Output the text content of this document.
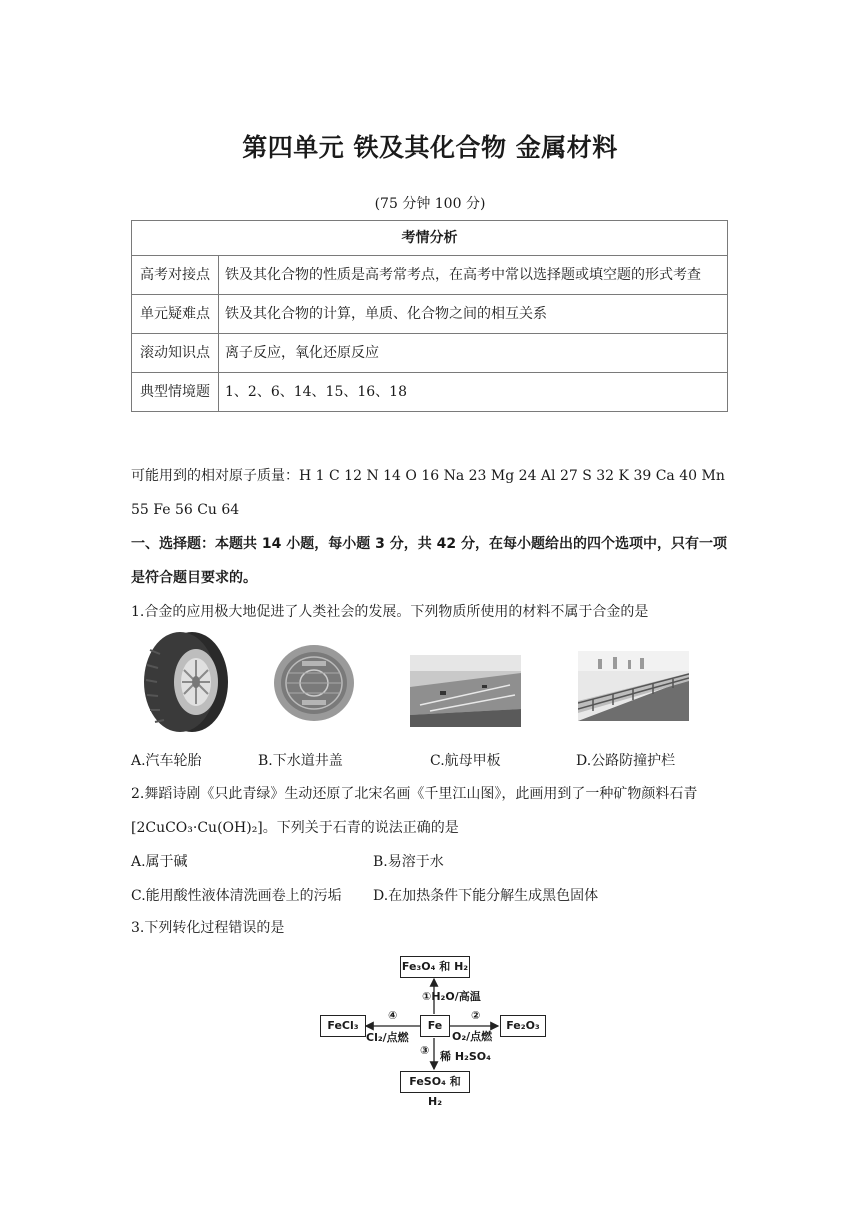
第四单元 铁及其化合物 金属材料
(75 分钟 100 分)
考情分析	
高考对接点	铁及其化合物的性质是高考常考点，在高考中常以选择题或填空题的形式考查
单元疑难点	铁及其化合物的计算，单质、化合物之间的相互关系
滚动知识点	离子反应，氧化还原反应
典型情境题	1、2、6、14、15、16、18
可能用到的相对原子质量：H 1 C 12 N 14 O 16 Na 23 Mg 24 Al 27 S 32 K 39 Ca 40 Mn 55 Fe 56 Cu 64
一、选择题：本题共 14 小题，每小题 3 分，共 42 分，在每小题给出的四个选项中，只有一项是符合题目要求的。
1.合金的应用极大地促进了人类社会的发展。下列物质所使用的材料不属于合金的是
A.汽车轮胎	B.下水道井盖	C.航母甲板	D.公路防撞护栏
2.舞蹈诗剧《只此青绿》生动还原了北宋名画《千里江山图》，此画用到了一种矿物颜料石青[2CuCO₃·Cu(OH)₂]。下列关于石青的说法正确的是
A.属于碱	B.易溶于水
C.能用酸性液体清洗画卷上的污垢 D.在加热条件下能分解生成黑色固体
3.下列转化过程错误的是
Fe₃O₄ 和 H₂
Fe	Fe₂O₃
FeSO₄ 和 H₂
FeCl₃
①H₂O/高温
②
O₂/点燃
③ 稀 H₂SO₄
④
Cl₂/点燃
